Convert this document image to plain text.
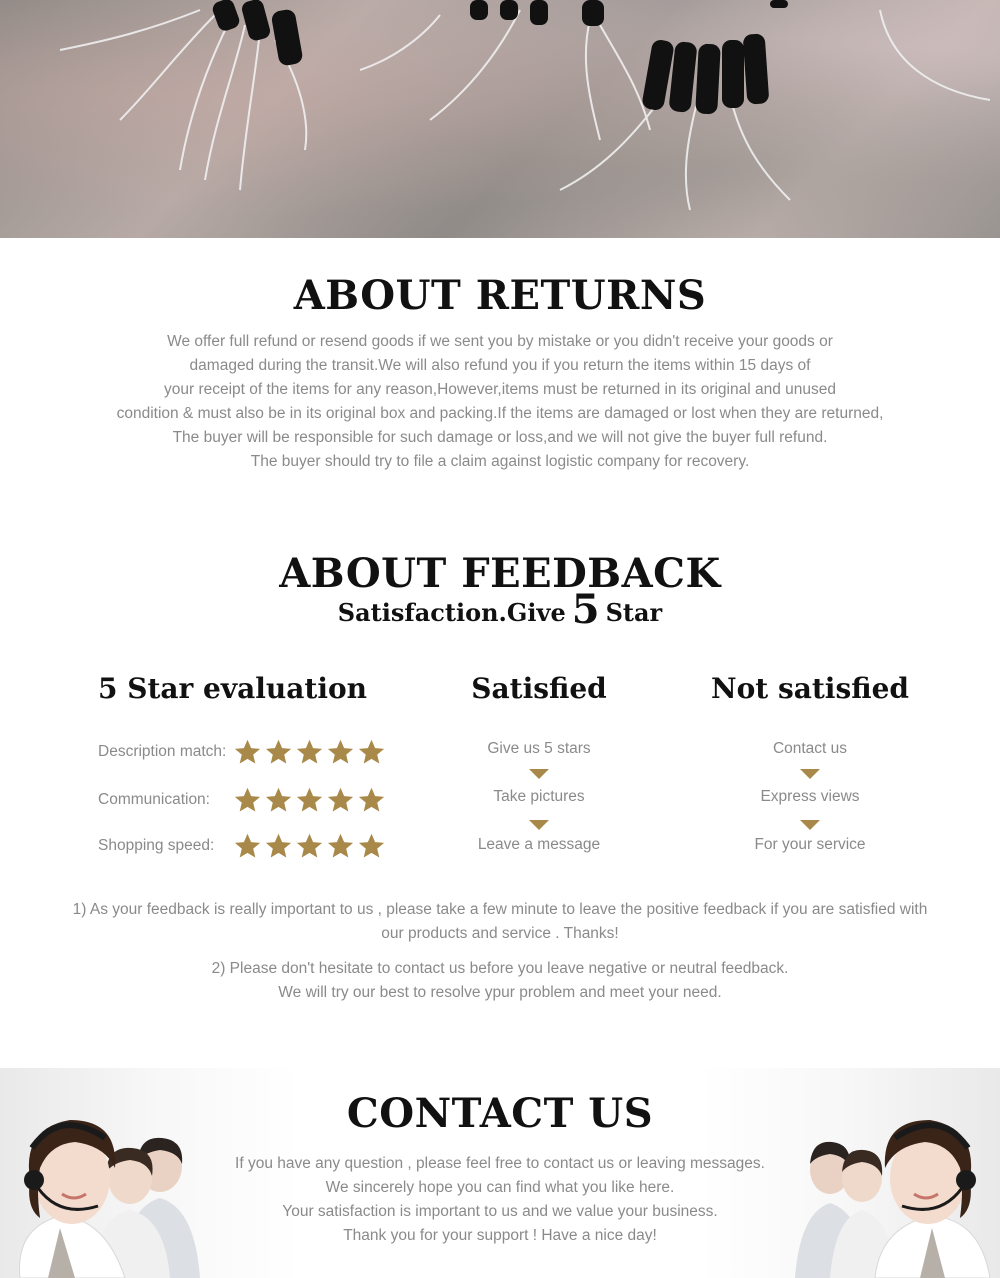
ABOUT RETURNS
We offer full refund or resend goods if we sent you by mistake or you didn't receive your goods or
damaged during the transit.We will also refund you if you return the items within 15 days of
your receipt of the items for any reason,However,items must be returned in its original and unused
condition & must also be in its original box and packing.If the items are damaged or lost when they are returned,
The buyer will be responsible for such damage or loss,and we will not give the buyer full refund.
The buyer should try to file a claim against logistic company for recovery.
ABOUT FEEDBACK
Satisfaction.Give 5 Star
5 Star evaluation	Satisfied	Not satisfied
Description match:
Communication:
Shopping speed:
Give us 5 stars
Take pictures
Leave a message
Contact us
Express views
For your service
1) As your feedback is really important to us , please take a few minute to leave the positive feedback if you are satisfied with
our products and service . Thanks!
2) Please don't hesitate to contact us before you leave negative or neutral feedback.
We will try our best to resolve ypur problem and meet your need.
CONTACT US
If you have any question , please feel free to contact us or leaving messages.
We sincerely hope you can find what you like here.
Your satisfaction is important to us and we value your business.
Thank you for your support ! Have a nice day!
